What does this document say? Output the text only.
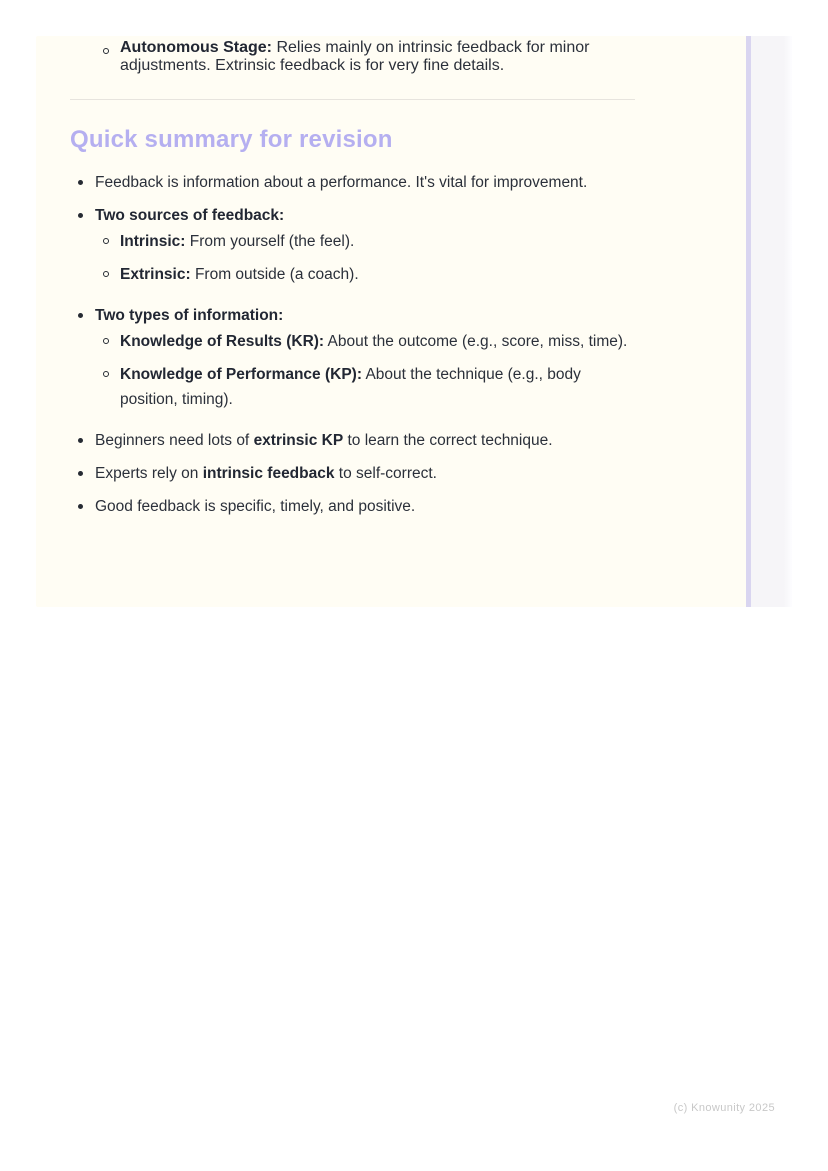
Autonomous Stage: Relies mainly on intrinsic feedback for minor adjustments. Extrinsic feedback is for very fine details.
Quick summary for revision
Feedback is information about a performance. It's vital for improvement.
Two sources of feedback:
Intrinsic: From yourself (the feel).
Extrinsic: From outside (a coach).
Two types of information:
Knowledge of Results (KR): About the outcome (e.g., score, miss, time).
Knowledge of Performance (KP): About the technique (e.g., body position, timing).
Beginners need lots of extrinsic KP to learn the correct technique.
Experts rely on intrinsic feedback to self-correct.
Good feedback is specific, timely, and positive.
(c) Knowunity 2025
